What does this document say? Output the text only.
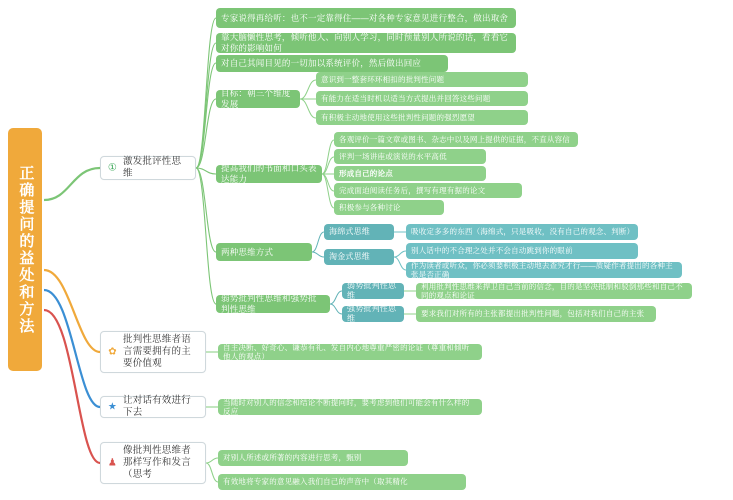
正确提问的益处和方法	①
激发批评性思维
专家说得再给听：也不一定靠得住——对各种专家意见进行整合，做出取舍
靠大脑懒性思考，倾听他人、向别人学习，同时预量别人所说的话，看看它对你的影响如何
对自己其闻目见的一切加以系统评价，然后做出回应
目标：朝三个维度发展
意识到一整套环环相扣的批判性问题
有能力在适当时机以适当方式提出并回答这些问题
有积极主动地使用这些批判性问题的强烈愿望
提高我们的书面和口头表达能力
各观评价一篇文章或图书、杂志中以及网上提供的证据，不直从容信
评判一场讲座或演说的水平高低
形成自己的论点
完成面迫阅读任务后，撰写有理有据的论文
积极参与各种讨论
两种思维方式
海绵式思维	吸收定多多的东西（海绵式，只是吸收，没有自己的观念、判断）
淘金式思维
别人话中的不合理之处并不会自动跳到你的眼前
作为读者或听众，你必须要积极主动地去查究才行——质疑作者提出的各种主张是否正确
弱势批判性思维和强势批判性思维
弱势批判性思维
利用批判性思维来捍卫自己当前的信念，目的是坚决抵制和驳倒那些和自己不同的观点和论证
强势批判性思维
要求我们对所有的主张都提出批判性问题，包括对我们自己的主张
✿
批判性思维者语言需要拥有的主要价值观
自主决断、好奇心、谦恭有礼、发自内心地尊重严密的论证（尊重和倾听他人的观点）
★
让对话有效进行下去
当随时对别人的信念和结论不断提问时，要考虑到他们可能会有什么样的反应
♟
像批判性思维者那样写作和发言（思考
对别人所述或所著的内容进行思考，甄别
有效地将专家的意见融入我们自己的声音中（取其精化
